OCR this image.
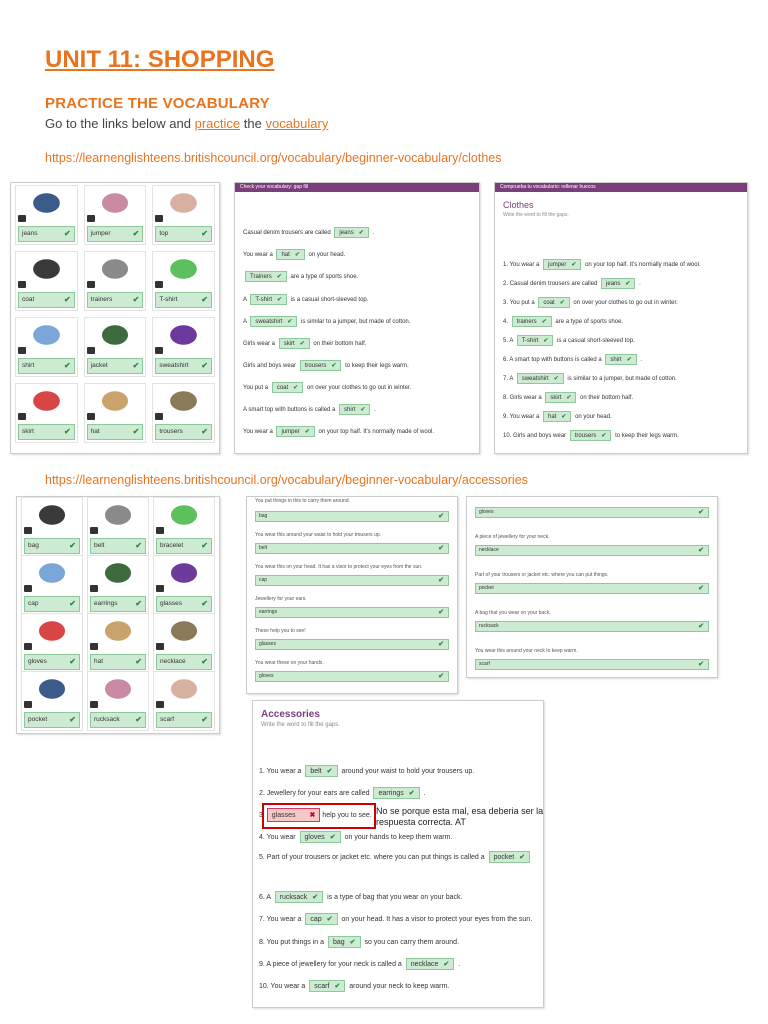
UNIT 11: SHOPPING
PRACTICE THE VOCABULARY
Go to the links below and practice the vocabulary
https://learnenglishteens.britishcouncil.org/vocabulary/beginner-vocabulary/clothes
jeans	✔	jumper	✔	top	✔
coat	✔	trainers	✔	T-shirt	✔
shirt	✔	jacket	✔	sweatshirt ✔
skirt	✔	hat	✔	trousers ✔
Check your vocabulary: gap fill
Casual denim trousers are called jeans ✔ .
You wear a hat ✔ on your head.
Trainers ✔ are a type of sports shoe.
A T-shirt ✔ is a casual short-sleeved top.
A sweatshirt ✔ is similar to a jumper, but made of cotton.
Girls wear a skirt ✔ on their bottom half.
Girls and boys wear trousers ✔ to keep their legs warm.
You put a coat ✔ on over your clothes to go out in winter.
A smart top with buttons is called a shirt ✔ .
You wear a jumper ✔ on your top half. It's normally made of wool.
Comprueba tu vocabulario: rellenar huecos
Clothes
Write the word to fill the gaps.
1. You wear a jumper ✔ on your top half. It's normally made of wool.
2. Casual denim trousers are called jeans ✔ .
3. You put a coat ✔ on over your clothes to go out in winter.
4. trainers ✔ are a type of sports shoe.
5. A T-shirt ✔ is a casual short-sleeved top.
6. A smart top with buttons is called a shirt ✔ .
7. A sweatshirt ✔ is similar to a jumper, but made of cotton.
8. Girls wear a skirt ✔ on their bottom half.
9. You wear a hat ✔ on your head.
10. Girls and boys wear trousers ✔ to keep their legs warm.
https://learnenglishteens.britishcouncil.org/vocabulary/beginner-vocabulary/accessories
bag	✔	belt	✔	bracelet ✔
cap	✔	earrings ✔	glasses ✔
gloves	✔	hat	✔	necklace ✔
pocket	✔	rucksack ✔	scarf	✔
You put things in this to carry them around.
bag	✔
You wear this around your waist to hold your trousers up.
belt	✔
You wear this on your head. It has a visor to protect your eyes from the sun.
cap	✔
Jewellery for your ears.
earrings	✔
These help you to see!
glasses	✔
You wear these on your hands.
gloves	✔
gloves	✔
A piece of jewellery for your neck.
necklace	✔
Part of your trousers or jacket etc. where you can put things.
pocket	✔
A bag that you wear on your back.
rucksack	✔
You wear this around your neck to keep warm.
scarf	✔
Accessories
Write the word to fill the gaps.
1. You wear a belt ✔ around your waist to hold your trousers up.
2. Jewellery for your ears are called earrings ✔ .
3. glasses ✖ help you to see.
4. You wear gloves ✔ on your hands to keep them warm.
5. Part of your trousers or jacket etc. where you can put things is called a pocket ✔
6. A rucksack ✔ is a type of bag that you wear on your back.
7. You wear a cap ✔ on your head. It has a visor to protect your eyes from the sun.
8. You put things in a bag ✔ so you can carry them around.
9. A piece of jewellery for your neck is called a necklace ✔ .
10. You wear a scarf ✔ around your neck to keep warm.
No se porque esta mal, esa deberia ser la respuesta correcta. AT
